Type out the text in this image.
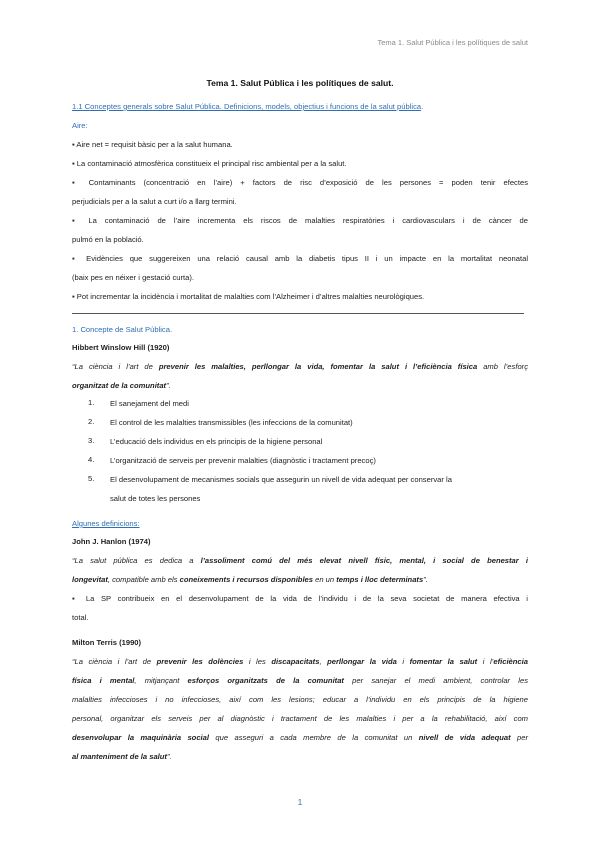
Tema 1. Salut Pública i les polítiques de salut
Tema 1. Salut Pública i les polítiques de salut.
1.1 Conceptes generals sobre Salut Pública. Definicions, models, objectius i funcions de la salut pública.
Aire:
▪ Aire net = requisit bàsic per a la salut humana.
▪ La contaminació atmosfèrica constitueix el principal risc ambiental per a la salut.
▪ Contaminants (concentració en l’aire) + factors de risc d’exposició de les persones = poden tenir efectes
perjudicials per a la salut a curt i/o a llarg termini.
▪ La contaminació de l’aire incrementa els riscos de malalties respiratòries i cardiovasculars i de càncer de
pulmó en la població.
▪ Evidències que suggereixen una relació causal amb la diabetis tipus II i un impacte en la mortalitat neonatal
(baix pes en néixer i gestació curta).
▪ Pot incrementar la incidència i mortalitat de malalties com l’Alzheimer i d’altres malalties neurològiques.
1. Concepte de Salut Pública.
Hibbert Winslow Hill (1920)
“La ciència i l’art de prevenir les malalties, perllongar la vida, fomentar la salut i l’eficiència física amb l’esforç
organitzat de la comunitat”.
1. El sanejament del medi
2. El control de les malalties transmissibles (les infeccions de la comunitat)
3. L’educació dels individus en els principis de la higiene personal
4. L’organització de serveis per prevenir malalties (diagnòstic i tractament precoç)
5. El desenvolupament de mecanismes socials que assegurin un nivell de vida adequat per conservar la
salut de totes les persones
Algunes definicions:
John J. Hanlon (1974)
“La salut pública es dedica a l’assoliment comú del més elevat nivell físic, mental, i social de benestar i
longevitat, compatible amb els coneixements i recursos disponibles en un temps i lloc determinats”.
▪ La SP contribueix en el desenvolupament de la vida de l’individu i de la seva societat de manera efectiva i
total.
Milton Terris (1990)
“La ciència i l’art de prevenir les dolències i les discapacitats, perllongar la vida i fomentar la salut i l’eficiència
física i mental, mitjançant esforços organitzats de la comunitat per sanejar el medi ambient, controlar les
malalties infeccioses i no infeccioses, així com les lesions; educar a l’individu en els principis de la higiene
personal, organitzar els serveis per al diagnòstic i tractament de les malalties i per a la rehabilitació, així com
desenvolupar la maquinària social que asseguri a cada membre de la comunitat un nivell de vida adequat per
al manteniment de la salut”.
1
